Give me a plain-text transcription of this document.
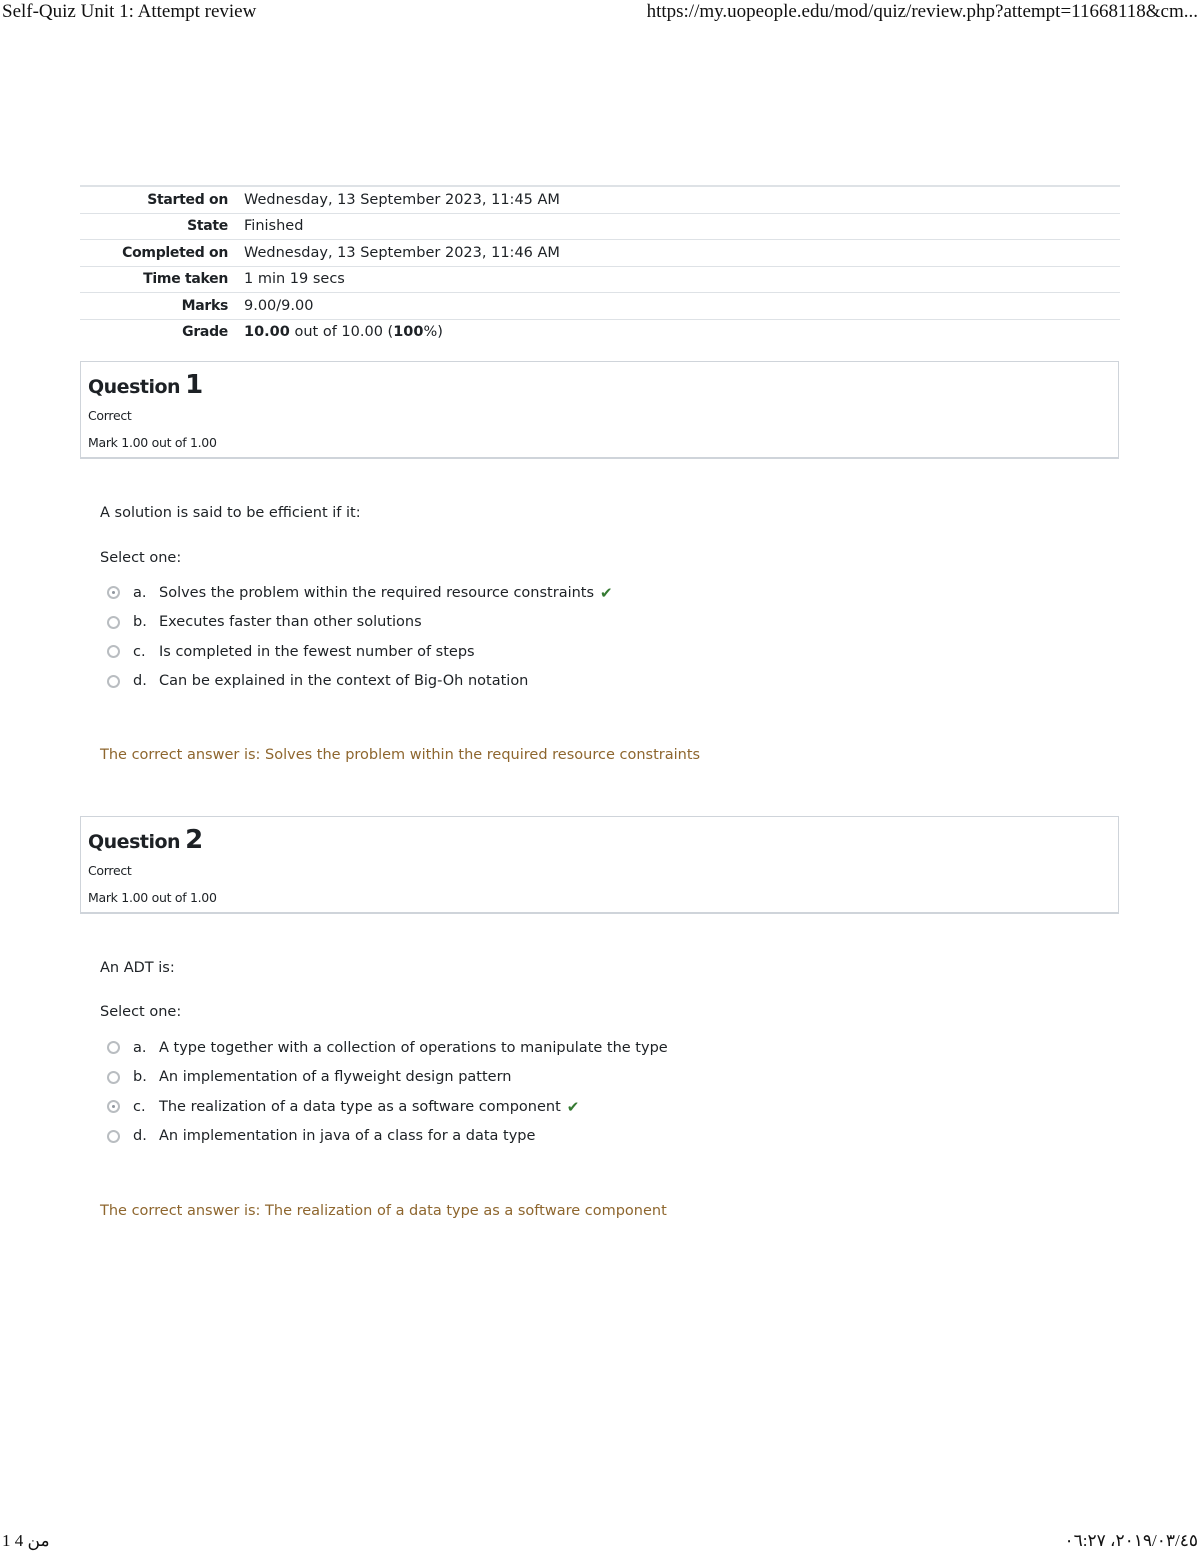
Self-Quiz Unit 1: Attempt review	https://my.uopeople.edu/mod/quiz/review.php?attempt=11668118&cm...
Started on	Wednesday, 13 September 2023, 11:45 AM
State	Finished
Completed on	Wednesday, 13 September 2023, 11:46 AM
Time taken	1 min 19 secs
Marks	9.00/9.00
Grade	10.00 out of 10.00 (100%)
Question 1
Correct
Mark 1.00 out of 1.00
A solution is said to be efficient if it:
Select one:
a. Solves the problem within the required resource constraints ✔
b. Executes faster than other solutions
c. Is completed in the fewest number of steps
d. Can be explained in the context of Big-Oh notation
The correct answer is: Solves the problem within the required resource constraints
Question 2
Correct
Mark 1.00 out of 1.00
An ADT is:
Select one:
a. A type together with a collection of operations to manipulate the type
b. An implementation of a flyweight design pattern
c. The realization of a data type as a software component ✔
d. An implementation in java of a class for a data type
The correct answer is: The realization of a data type as a software component
1 من 4	٢٠١٩/٠٣/٤٥، ٠٦:٢٧
